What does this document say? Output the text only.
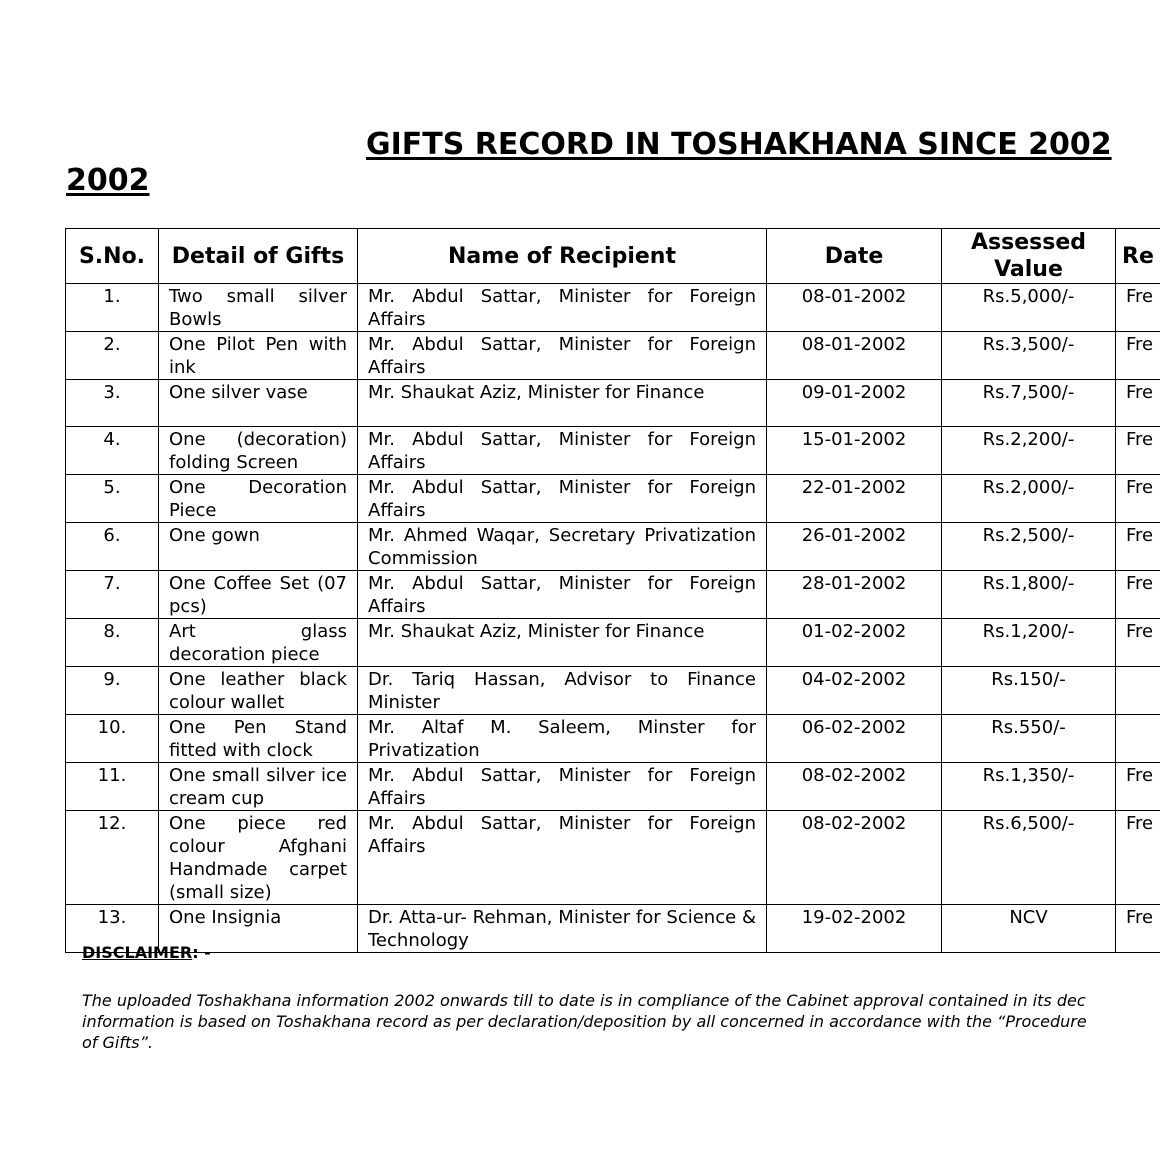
GIFTS RECORD IN TOSHAKHANA SINCE 2002
2002
S.No.	Detail of Gifts	Name of Recipient	Date	Assessed Value	Re
1.	Two small silver Bowls	Mr. Abdul Sattar, Minister for Foreign Affairs	08-01-2002	Rs.5,000/-	Fre
2.	One Pilot Pen with ink	Mr. Abdul Sattar, Minister for Foreign Affairs	08-01-2002	Rs.3,500/-	Fre
3.	One silver vase	Mr. Shaukat Aziz, Minister for Finance	09-01-2002	Rs.7,500/-	Fre
4.	One (decoration) folding Screen	Mr. Abdul Sattar, Minister for Foreign Affairs	15-01-2002	Rs.2,200/-	Fre
5.	One Decoration Piece	Mr. Abdul Sattar, Minister for Foreign Affairs	22-01-2002	Rs.2,000/-	Fre
6.	One gown	Mr. Ahmed Waqar, Secretary Privatization Commission	26-01-2002	Rs.2,500/-	Fre
7.	One Coffee Set (07 pcs)	Mr. Abdul Sattar, Minister for Foreign Affairs	28-01-2002	Rs.1,800/-	Fre
8.	Art glass decoration piece	Mr. Shaukat Aziz, Minister for Finance	01-02-2002	Rs.1,200/-	Fre
9.	One leather black colour wallet	Dr. Tariq Hassan, Advisor to Finance Minister	04-02-2002	Rs.150/-	
10.	One Pen Stand fitted with clock	Mr. Altaf M. Saleem, Minster for Privatization	06-02-2002	Rs.550/-	
11.	One small silver ice cream cup	Mr. Abdul Sattar, Minister for Foreign Affairs	08-02-2002	Rs.1,350/-	Fre
12.	One piece red colour Afghani Handmade carpet (small size)	Mr. Abdul Sattar, Minister for Foreign Affairs	08-02-2002	Rs.6,500/-	Fre
13.	One Insignia	Dr. Atta-ur- Rehman, Minister for Science & Technology	19-02-2002	NCV	Fre
DISCLAIMER: -
The uploaded Toshakhana information 2002 onwards till to date is in compliance of the Cabinet approval contained in its dec
information is based on Toshakhana record as per declaration/deposition by all concerned in accordance with the “Procedure
of Gifts”.
